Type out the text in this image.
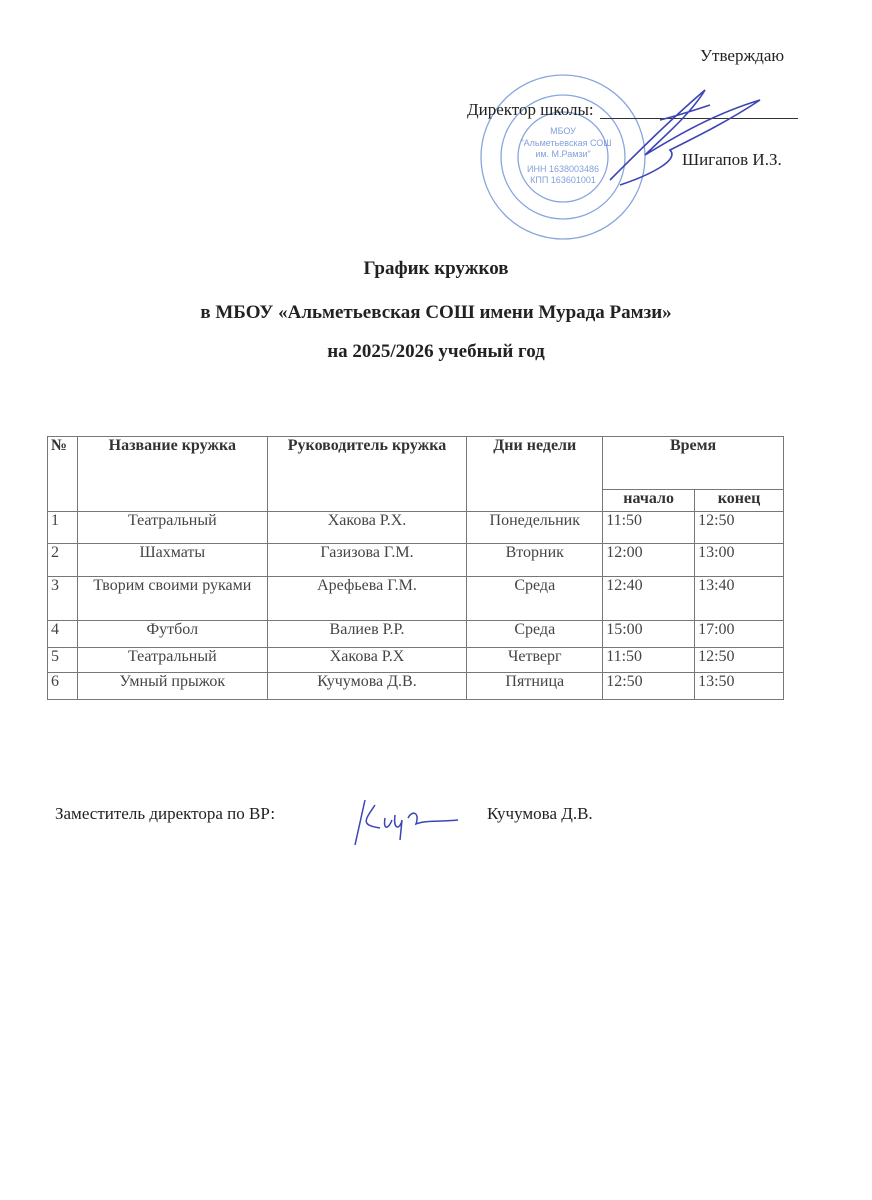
Утверждаю
МБОУ
"Альметьевская СОШ
им. М.Рамзи"
ИНН 1638003486
КПП 163601001
Директор школы:
Шигапов И.З.
График кружков
в МБОУ «Альметьевская СОШ имени Мурада Рамзи»
на 2025/2026 учебный год
№	Название кружка	Руководитель кружка	Дни недели	Время	
				начало	конец
1	Театральный	Хакова Р.Х.	Понедельник	11:50	12:50
2	Шахматы	Газизова Г.М.	Вторник	12:00	13:00
3	Творим своими руками	Арефьева Г.М.	Среда	12:40	13:40
4	Футбол	Валиев Р.Р.	Среда	15:00	17:00
5	Театральный	Хакова Р.Х	Четверг	11:50	12:50
6	Умный прыжок	Кучумова Д.В.	Пятница	12:50	13:50
Заместитель директора по ВР:	Кучумова Д.В.
